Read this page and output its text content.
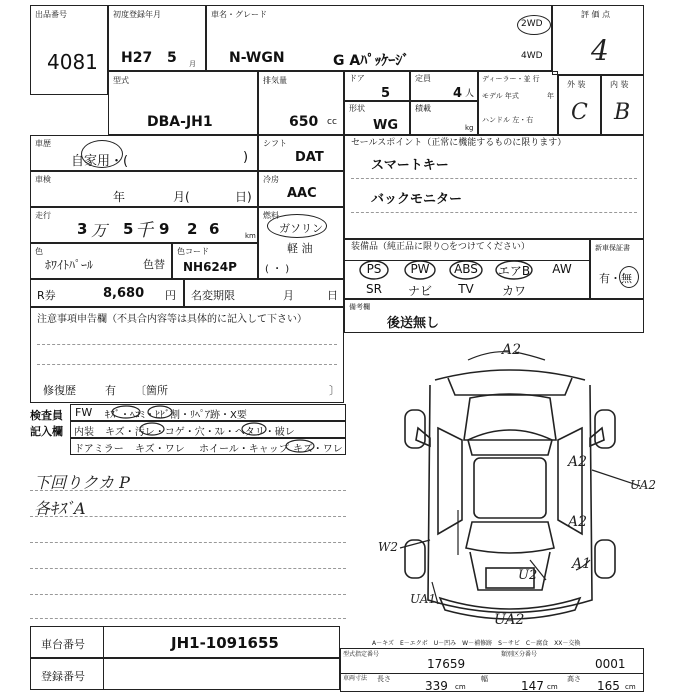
出品番号
4081
初度登録年月
H27 5 月
車名・グレード
N-WGN	G Aﾊﾟｯｹｰｼﾞ
2WD
4WD
評 価 点
4
型式
DBA-JH1
排気量
650 cc
ドア
5
定員
4 人
ディーラー・並 行
モデル 年式	年
ハンドル 左・右
形状
WG
積載
kg
外 装
C
内 装
B
車歴
自家用・(	)
シフト
DAT
車検
年	月(	日)
冷房
AAC
走行
3 万 5 千 9 2 6	km
燃料
ガソリン
軽 油
( ・ )
色
ﾎﾜｲﾄﾊﾟｰﾙ	色替
色コード
NH624P
R券	8,680 円 名変期限	月	日
セールスポイント（正常に機能するものに限ります）
スマートキー
バックモニター
装備品（純正品に限り○をつけてください）
PS	PW	ABS	エアB	AW
SR	ナビ	TV	カワ
新車保証書
有・無
備考欄
後送無し
注意事項申告欄（不具合内容等は具体的に記入して下さい）
修復歴	有 〔箇所	〕
検査員
記入欄
FW ｷｽﾞ・ﾍｺﾐ・ﾋﾋﾞ割・ﾘﾍﾟｱ跡・X要
内装 キズ・汚レ・コゲ・穴・ｽﾚ・ヘタリ・破レ
ドアミラー キズ・ワレ ホイール・キャップ キズ・ワレ
下回りクカ P
各ｷｽﾞA
A2
A2
UA2
A2
A1
W2
UA1
U2
UA2
車台番号	JH1-1091655
登録番号
A－キズ　E－エクボ　U－凹み　W－補修跡　S－サビ　C－腐食　XX－交換
型式指定番号
17659
類別区分番号
0001
車両寸法 長さ	339 cm
幅	147 cm
高さ 165 cm
